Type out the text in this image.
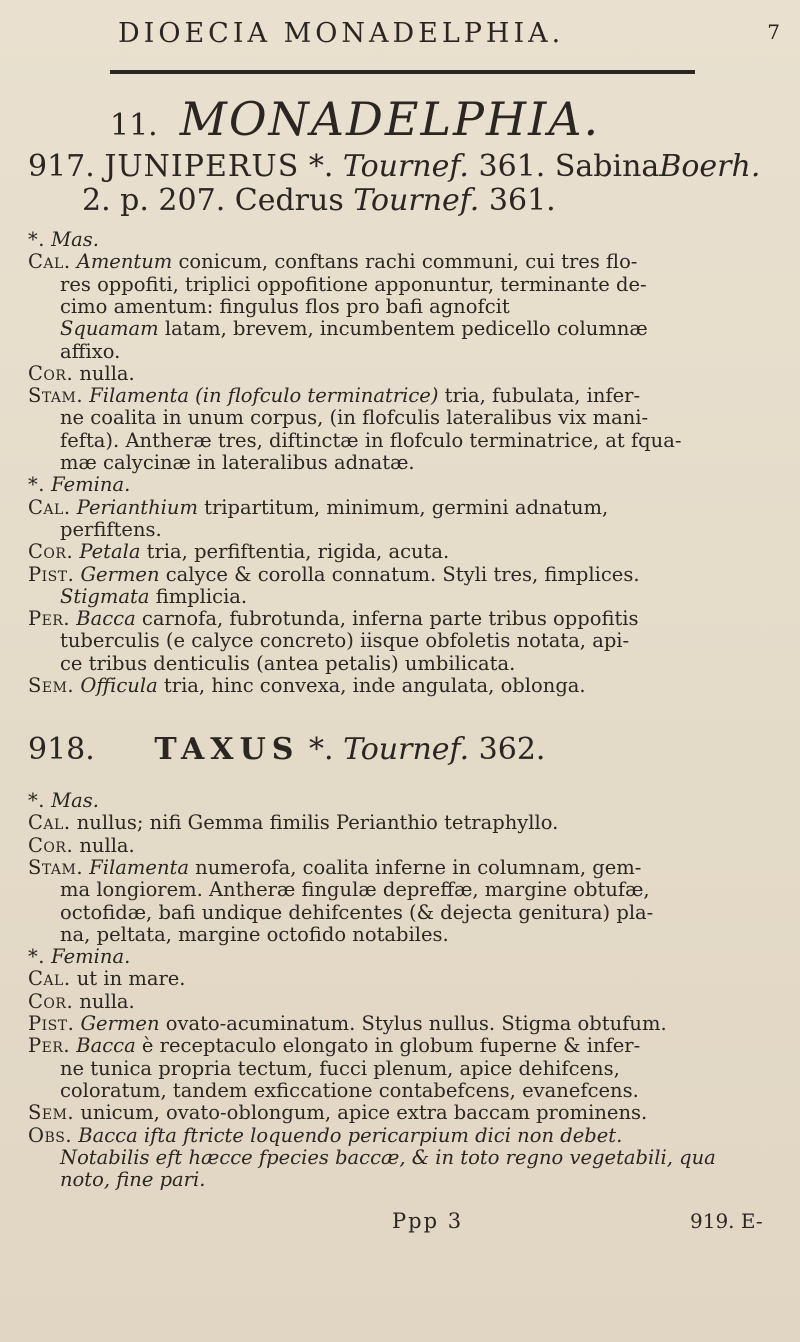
DIOECIA MONADELPHIA.	7
11. MONADELPHIA.
917. JUNIPERUS *. Tournef. 361. SabinaBoerh.
2. p. 207. Cedrus Tournef. 361.
*. Mas.
Cal. Amentum conicum, conftans rachi communi, cui tres flo-
res oppofiti, triplici oppofitione apponuntur, terminante de-
cimo amentum: fingulus flos pro bafi agnofcit
Squamam latam, brevem, incumbentem pedicello columnæ
affixo.
Cor. nulla.
Stam. Filamenta (in flofculo terminatrice) tria, fubulata, infer-
ne coalita in unum corpus, (in flofculis lateralibus vix mani-
fefta). Antheræ tres, diftinctæ in flofculo terminatrice, at fqua-
mæ calycinæ in lateralibus adnatæ.
*. Femina.
Cal. Perianthium tripartitum, minimum, germini adnatum,
perfiftens.
Cor. Petala tria, perfiftentia, rigida, acuta.
Pist. Germen calyce & corolla connatum. Styli tres, fimplices.
Stigmata fimplicia.
Per. Bacca carnofa, fubrotunda, inferna parte tribus oppofitis
tuberculis (e calyce concreto) iisque obfoletis notata, api-
ce tribus denticulis (antea petalis) umbilicata.
Sem. Officula tria, hinc convexa, inde angulata, oblonga.
918. TAXUS *. Tournef. 362.
*. Mas.
Cal. nullus; nifi Gemma fimilis Perianthio tetraphyllo.
Cor. nulla.
Stam. Filamenta numerofa, coalita inferne in columnam, gem-
ma longiorem. Antheræ fingulæ depreffæ, margine obtufæ,
octofidæ, bafi undique dehifcentes (& dejecta genitura) pla-
na, peltata, margine octofido notabiles.
*. Femina.
Cal. ut in mare.
Cor. nulla.
Pist. Germen ovato-acuminatum. Stylus nullus. Stigma obtufum.
Per. Bacca è receptaculo elongato in globum fuperne & infer-
ne tunica propria tectum, fucci plenum, apice dehifcens,
coloratum, tandem exficcatione contabefcens, evanefcens.
Sem. unicum, ovato-oblongum, apice extra baccam prominens.
Obs. Bacca ifta ftricte loquendo pericarpium dici non debet.
Notabilis eft hæcce fpecies baccæ, & in toto regno vegetabili, qua
noto, fine pari.
Ppp 3	919. E-
